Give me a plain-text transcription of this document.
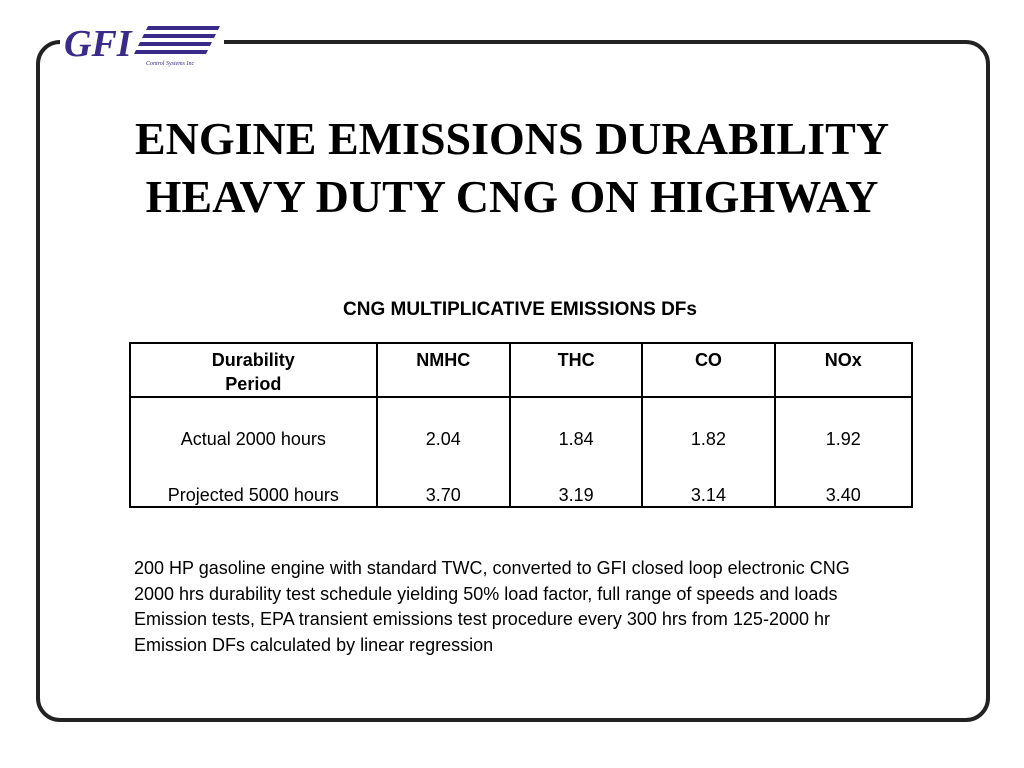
GFI Control Systems Inc
ENGINE EMISSIONS DURABILITY
HEAVY DUTY CNG ON HIGHWAY
CNG MULTIPLICATIVE EMISSIONS DFs
Durability
Period	NMHC	THC	CO	NOx
Actual 2000 hours	2.04	1.84	1.82	1.92
Projected 5000 hours	3.70	3.19	3.14	3.40
200 HP gasoline engine with standard TWC, converted to GFI closed loop electronic CNG
2000 hrs durability test schedule yielding 50% load factor, full range of speeds and loads
Emission tests, EPA transient emissions test procedure every 300 hrs from 125-2000 hr
Emission DFs calculated by linear regression
